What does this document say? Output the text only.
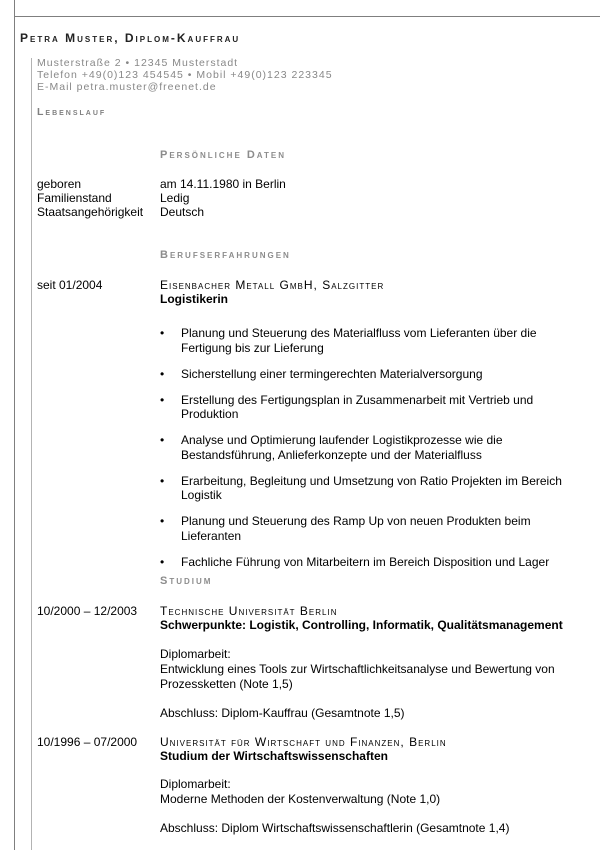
Petra Muster, Diplom-Kauffrau
Musterstraße 2 • 12345 Musterstadt
Telefon +49(0)123 454545 • Mobil +49(0)123 223345
E-Mail petra.muster@freenet.de
Lebenslauf
Persönliche Daten
geboren	am 14.11.1980 in Berlin
Familienstand	Ledig
Staatsangehörigkeit Deutsch
Berufserfahrungen
seit 01/2004	Eisenbacher Metall GmbH, Salzgitter
Logistikerin
• Planung und Steuerung des Materialfluss vom Lieferanten über die Fertigung bis zur Lieferung
• Sicherstellung einer termingerechten Materialversorgung
• Erstellung des Fertigungsplan in Zusammenarbeit mit Vertrieb und Produktion
• Analyse und Optimierung laufender Logistikprozesse wie die Bestandsführung, Anlieferkonzepte und der Materialfluss
• Erarbeitung, Begleitung und Umsetzung von Ratio Projekten im Bereich Logistik
• Planung und Steuerung des Ramp Up von neuen Produkten beim Lieferanten
• Fachliche Führung von Mitarbeitern im Bereich Disposition und Lager
Studium
10/2000 – 12/2003 Technische Universität Berlin
Schwerpunkte: Logistik, Controlling, Informatik, Qualitätsmanagement
Diplomarbeit:
Entwicklung eines Tools zur Wirtschaftlichkeitsanalyse und Bewertung von
Prozessketten (Note 1,5)
Abschluss: Diplom-Kauffrau (Gesamtnote 1,5)
10/1996 – 07/2000 Universität für Wirtschaft und Finanzen, Berlin
Studium der Wirtschaftswissenschaften
Diplomarbeit:
Moderne Methoden der Kostenverwaltung (Note 1,0)
Abschluss: Diplom Wirtschaftswissenschaftlerin (Gesamtnote 1,4)
